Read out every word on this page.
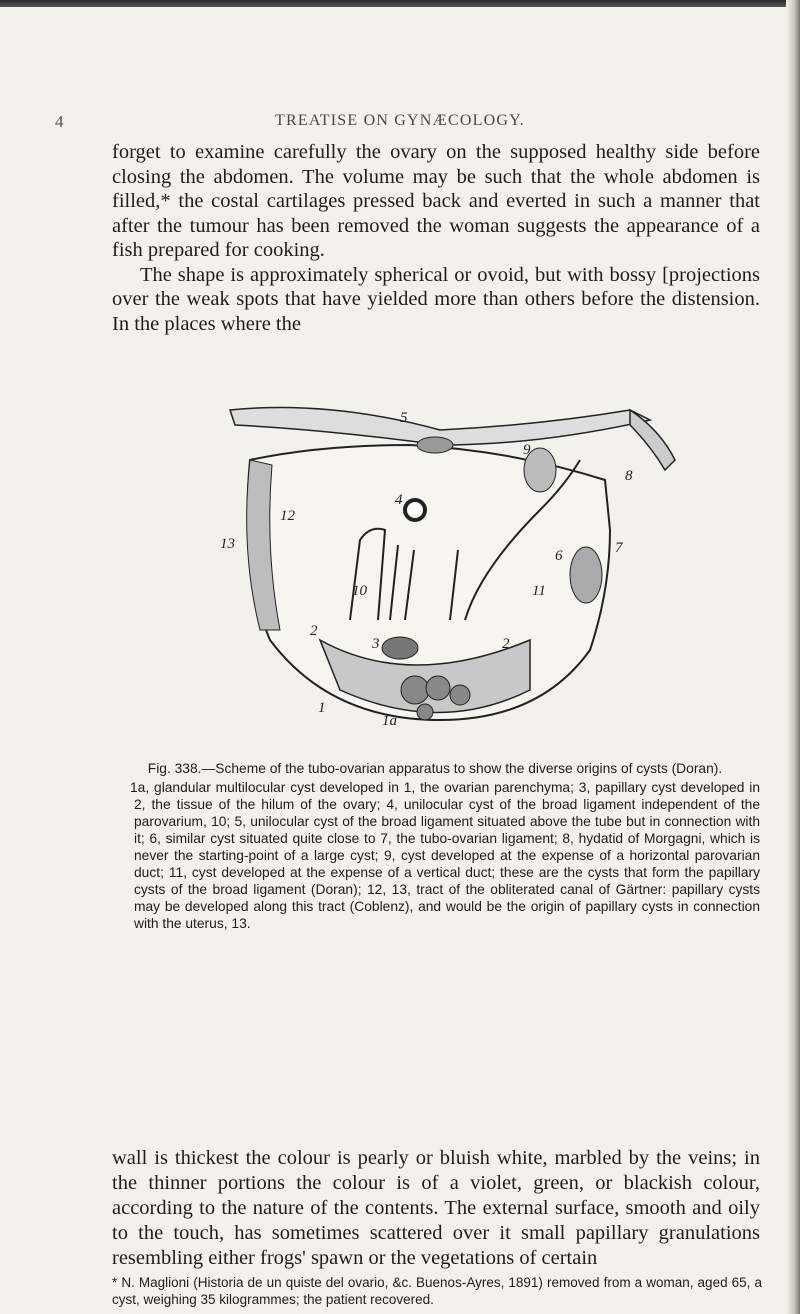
4	TREATISE ON GYNÆCOLOGY.
forget to examine carefully the ovary on the supposed healthy side before closing the abdomen. The volume may be such that the whole abdomen is filled,* the costal cartilages pressed back and everted in such a manner that after the tumour has been removed the woman suggests the appearance of a fish prepared for cooking.
The shape is approximately spherical or ovoid, but with bossy [projections over the weak spots that have yielded more than others before the distension. In the places where the
5
4
9
12
13	7
6
11
10
8
1a
3
2
2
1

Fig. 338.—Scheme of the tubo-ovarian apparatus to show the diverse origins of cysts (Doran).

1a, glandular multilocular cyst developed in 1, the ovarian parenchyma; 3, papillary cyst developed in 2, the tissue of the hilum of the ovary; 4, unilocular cyst of the broad ligament independent of the parovarium, 10; 5, unilocular cyst of the broad ligament situated above the tube but in connection with it; 6, similar cyst situated quite close to 7, the tubo-ovarian ligament; 8, hydatid of Morgagni, which is never the starting-point of a large cyst; 9, cyst developed at the expense of a horizontal parovarian duct; 11, cyst developed at the expense of a vertical duct; these are the cysts that form the papillary cysts of the broad ligament (Doran); 12, 13, tract of the obliterated canal of Gärtner: papillary cysts may be developed along this tract (Coblenz), and would be the origin of papillary cysts in connection with the uterus, 13.

wall is thickest the colour is pearly or bluish white, marbled by the veins; in the thinner portions the colour is of a violet, green, or blackish colour, according to the nature of the contents. The external surface, smooth and oily to the touch, has sometimes scattered over it small papillary granulations resembling either frogs' spawn or the vegetations of certain
* N. Maglioni (Historia de un quiste del ovario, &c. Buenos-Ayres, 1891) removed from a woman, aged 65, a cyst, weighing 35 kilogrammes; the patient recovered.
